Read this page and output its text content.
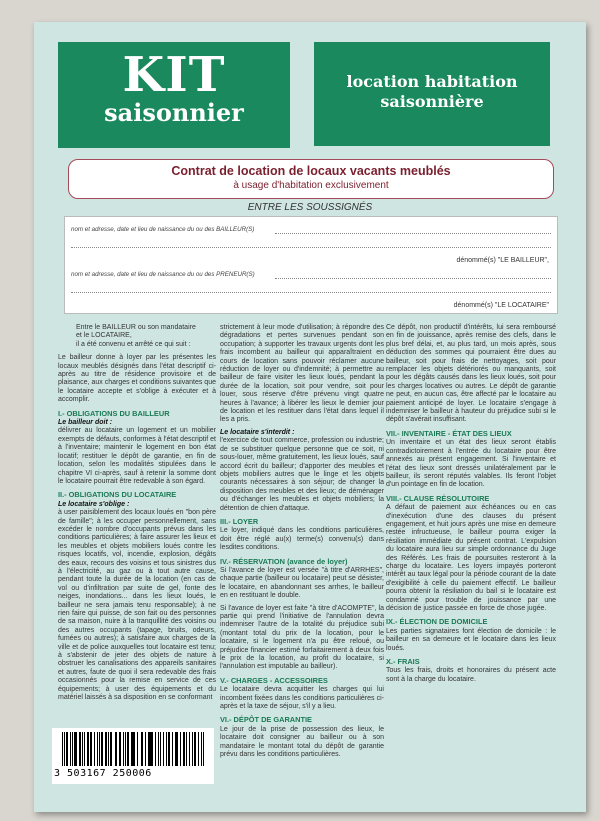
KIT
saisonnier
location habitation
saisonnière
Contrat de location de locaux vacants meublés
à usage d'habitation exclusivement
ENTRE LES SOUSSIGNÉS
nom et adresse, date et lieu de naissance du ou des BAILLEUR(S)
dénommé(s) "LE BAILLEUR",
nom et adresse, date et lieu de naissance du ou des PRENEUR(S)
dénommé(s) "LE LOCATAIRE"
Entre le BAILLEUR ou son mandataire
et le LOCATAIRE,
il a été convenu et arrêté ce qui suit :

Le bailleur donne à loyer par les présentes les locaux meublés désignés dans l'état descriptif ci-après au titre de résidence provisoire et de plaisance, aux charges et conditions suivantes que le locataire accepte et s'oblige à exécuter et à accomplir.

I.- OBLIGATIONS DU BAILLEUR
Le bailleur doit :

délivrer au locataire un logement et un mobilier exempts de défauts, conformes à l'état descriptif et à l'inventaire; maintenir le logement en bon état locatif; restituer le dépôt de garantie, en fin de location, selon les modalités stipulées dans le chapitre VI ci-après, sauf à retenir la somme dont le locataire pourrait être redevable à son égard.

II.- OBLIGATIONS DU LOCATAIRE
Le locataire s'oblige :

à user paisiblement des locaux loués en "bon père de famille"; à les occuper personnellement, sans excéder le nombre d'occupants prévus dans les conditions particulières; à faire assurer les lieux et les meubles et objets mobiliers loués contre les risques locatifs, vol, incendie, explosion, dégâts des eaux, recours des voisins et tous sinistres dus à l'électricité, au gaz ou à tout autre cause, pendant toute la durée de la location (en cas de vol ou d'infiltration par suite de gel, fonte des neiges, inondations... dans les lieux loués, le bailleur ne sera jamais tenu responsable); à ne rien faire qui puisse, de son fait ou des personnes de sa maison, nuire à la tranquillité des voisins ou des autres occupants (tapage, bruits, odeurs, fumées ou autres); à satisfaire aux charges de la ville et de police auxquelles tout locataire est tenu; à s'abstenir de jeter des objets de nature à obstruer les canalisations des appareils sanitaires et autres, faute de quoi il sera redevable des frais occasionnés pour la remise en service de ces équipements; à user des équipements et du matériel laissés à sa disposition en se conformant

strictement à leur mode d'utilisation; à répondre des dégradations et pertes survenues pendant son occupation; à supporter les travaux urgents dont les frais incombent au bailleur qui apparaîtraient en cours de location sans pouvoir réclamer aucune réduction de loyer ou d'indemnité; à permettre au bailleur de faire visiter les lieux loués, pendant la durée de la location, soit pour vendre, soit pour louer, sous réserve d'être prévenu vingt quatre heures à l'avance; à libérer les lieux le dernier jour de location et les restituer dans l'état dans lequel il les a pris.

Le locataire s'interdit :

l'exercice de tout commerce, profession ou industrie; de se substituer quelque personne que ce soit, ni sous-louer, même gratuitement, les lieux loués, sauf accord écrit du bailleur; d'apporter des meubles et objets mobiliers autres que le linge et les objets courants nécessaires à son séjour; de changer la disposition des meubles et des lieux; de déménager ou d'échanger les meubles et objets mobiliers; la détention de chien d'attaque.

III.- LOYER

Le loyer, indiqué dans les conditions particulières, doit être réglé au(x) terme(s) convenu(s) dans lesdites conditions.

IV.- RÉSERVATION (avance de loyer)

Si l'avance de loyer est versée "à titre d'ARRHES", chaque partie (bailleur ou locataire) peut se désister, le locataire, en abandonnant ses arrhes, le bailleur en en restituant le double.

Si l'avance de loyer est faite "à titre d'ACOMPTE", la partie qui prend l'initiative de l'annulation devra indemniser l'autre de la totalité du préjudice subi (montant total du prix de la location, pour le locataire, si le logement n'a pu être reloué, ou préjudice financier estimé forfaitairement à deux fois le prix de la location, au profit du locataire, si l'annulation est imputable au bailleur).

V.- CHARGES - ACCESSOIRES

Le locataire devra acquitter les charges qui lui incombent fixées dans les conditions particulières ci-après et la taxe de séjour, s'il y a lieu.

VI.- DÉPÔT DE GARANTIE

Le jour de la prise de possession des lieux, le locataire doit consigner au bailleur ou à son mandataire le montant total du dépôt de garantie prévu dans les conditions particulières.

Ce dépôt, non productif d'intérêts, lui sera remboursé en fin de jouissance, après remise des clefs, dans le plus bref délai, et, au plus tard, un mois après, sous déduction des sommes qui pourraient être dues au bailleur, soit pour frais de nettoyages, soit pour remplacer les objets détériorés ou manquants, soit pour les dégâts causés dans les lieux loués, soit pour les charges locatives ou autres. Le dépôt de garantie ne peut, en aucun cas, être affecté par le locataire au paiement anticipé de loyer. Le locataire s'engage à indemniser le bailleur à hauteur du préjudice subi si le dépôt s'avérait insuffisant.

VII.- INVENTAIRE - ÉTAT DES LIEUX

Un inventaire et un état des lieux seront établis contradictoirement à l'entrée du locataire pour être annexés au présent engagement. Si l'inventaire et l'état des lieux sont dressés unilatéralement par le bailleur, ils seront réputés valables. Ils feront l'objet d'un pointage en fin de location.

VIII.- CLAUSE RÉSOLUTOIRE

A défaut de paiement aux échéances ou en cas d'inexécution d'une des clauses du présent engagement, et huit jours après une mise en demeure restée infructueuse, le bailleur pourra exiger la résiliation immédiate du présent contrat. L'expulsion du locataire aura lieu sur simple ordonnance du Juge des Référés. Les frais de poursuites resteront à la charge du locataire. Les loyers impayés porteront intérêt au taux légal pour la période courant de la date d'exigibilité à celle du paiement effectif. Le bailleur pourra obtenir la résiliation du bail si le locataire est condamné pour trouble de jouissance par une décision de justice passée en force de chose jugée.

IX.- ÉLECTION DE DOMICILE

Les parties signataires font élection de domicile : le bailleur en sa demeure et le locataire dans les lieux loués.

X.- FRAIS

Tous les frais, droits et honoraires du présent acte sont à la charge du locataire.

3 503167 250006
